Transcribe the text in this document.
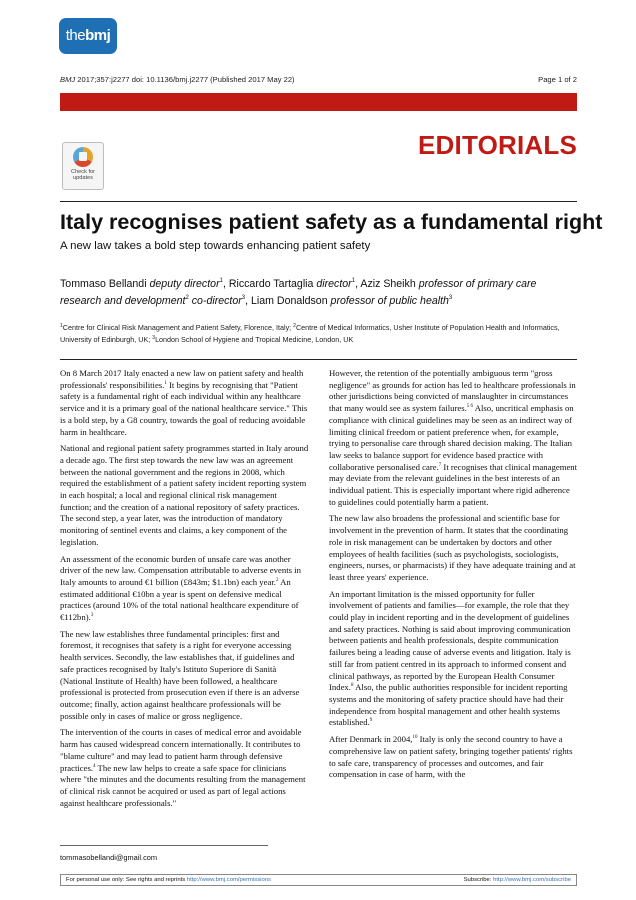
thebmj
BMJ 2017;357:j2277 doi: 10.1136/bmj.j2277 (Published 2017 May 22)	Page 1 of 2
EDITORIALS
Check for
updates
Italy recognises patient safety as a fundamental right
A new law takes a bold step towards enhancing patient safety
Tommaso Bellandi deputy director$^1$, Riccardo Tartaglia director$^1$, Aziz Sheikh professor of primary care research and development$^2$ co-director$^3$, Liam Donaldson professor of public health$^3$
$^1$Centre for Clinical Risk Management and Patient Safety, Florence, Italy; $^2$Centre of Medical Informatics, Usher Institute of Population Health and Informatics, University of Edinburgh, UK; $^3$London School of Hygiene and Tropical Medicine, London, UK

On 8 March 2017 Italy enacted a new law on patient safety and health professionals' responsibilities.$^1$ It begins by recognising that "Patient safety is a fundamental right of each individual within any healthcare service and it is a primary goal of the national healthcare service." This is a bold step, by a G8 country, towards the goal of reducing avoidable harm in healthcare.

National and regional patient safety programmes started in Italy around a decade ago. The first step towards the new law was an agreement between the national government and the regions in 2008, which required the establishment of a patient safety incident reporting system in each hospital; a local and regional clinical risk management function; and the creation of a national repository of safety practices. The second step, a year later, was the introduction of mandatory monitoring of sentinel events and claims, a key component of the legislation.

An assessment of the economic burden of unsafe care was another driver of the new law. Compensation attributable to adverse events in Italy amounts to around €1 billion (£843m; $1.1bn) each year.$^2$ An estimated additional €10bn a year is spent on defensive medical practices (around 10% of the total national healthcare expenditure of €112bn).$^3$

The new law establishes three fundamental principles: first and foremost, it recognises that safety is a right for everyone accessing health services. Secondly, the law establishes that, if guidelines and safe practices recognised by Italy's Istituto Superiore di Sanità (National Institute of Health) have been followed, a healthcare professional is protected from prosecution even if there is an adverse outcome; finally, action against healthcare professionals will be possible only in cases of malice or gross negligence.

The intervention of the courts in cases of medical error and avoidable harm has caused widespread concern internationally. It contributes to "blame culture" and may lead to patient harm through defensive practices.$^4$ The new law helps to create a safe space for clinicians where "the minutes and the documents resulting from the management of clinical risk cannot be acquired or used as part of legal actions against healthcare professionals."

However, the retention of the potentially ambiguous term "gross negligence" as grounds for action has led to healthcare professionals in other jurisdictions being convicted of manslaughter in circumstances that many would see as system failures.$^{5 6}$ Also, uncritical emphasis on compliance with clinical guidelines may be seen as an indirect way of limiting clinical freedom or patient preference when, for example, trying to personalise care through shared decision making. The Italian law seeks to balance support for evidence based practice with collaborative personalised care.$^7$ It recognises that clinical management may deviate from the relevant guidelines in the best interests of an individual patient. This is especially important where rigid adherence to guidelines could potentially harm a patient.

The new law also broadens the professional and scientific base for involvement in the prevention of harm. It states that the coordinating role in risk management can be undertaken by doctors and other employees of health facilities (such as psychologists, sociologists, engineers, nurses, or pharmacists) if they have adequate training and at least three years' experience.

An important limitation is the missed opportunity for fuller involvement of patients and families—for example, the role that they could play in incident reporting and in the development of guidelines and safety practices. Nothing is said about improving communication between patients and health professionals, despite communication failures being a leading cause of adverse events and litigation. Italy is still far from patient centred in its approach to informed consent and clinical pathways, as reported by the European Health Consumer Index.$^8$ Also, the public authorities responsible for incident reporting systems and the monitoring of safety practice should have had their independence from hospital management and other health systems established.$^9$

After Denmark in 2004,10 Italy is only the second country to have a comprehensive law on patient safety, bringing together patients' rights to safe care, transparency of processes and outcomes, and fair compensation in case of harm, with the

tommasobellandi@gmail.com
For personal use only: See rights and reprints http://www.bmj.com/permissions	Subscribe: http://www.bmj.com/subscribe
